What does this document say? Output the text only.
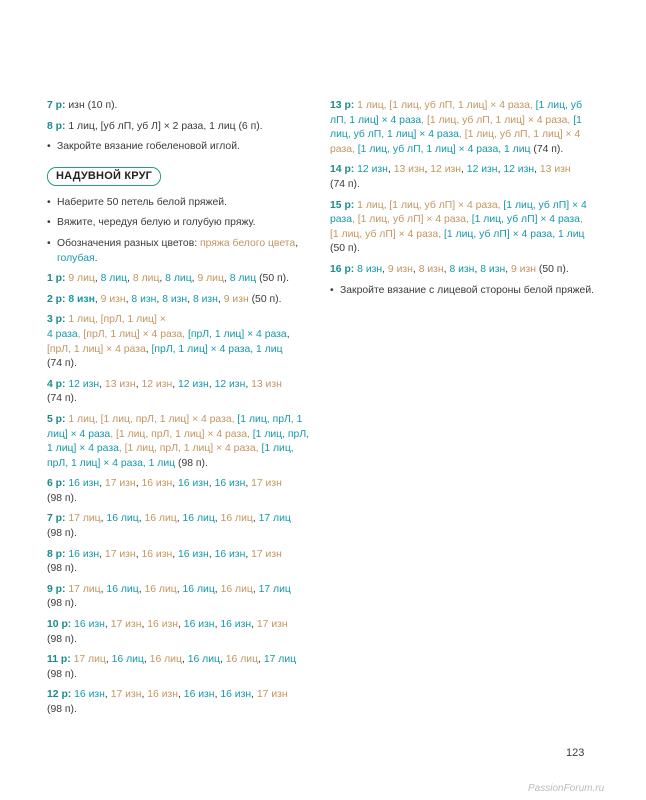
7 р: изн (10 п).

8 р: 1 лиц, [уб лП, уб Л] × 2 раза, 1 лиц (6 п).

• Закройте вязание гобеленовой иглой.

НАДУВНОЙ КРУГ

• Наберите 50 петель белой пряжей.

• Вяжите, чередуя белую и голубую пряжу.

• Обозначения разных цветов: пряжа белого цвета, голубая.

1 р: 9 лиц, 8 лиц, 8 лиц, 8 лиц, 9 лиц, 8 лиц (50 п).

2 р: 8 изн, 9 изн, 8 изн, 8 изн, 8 изн, 9 изн (50 п).

3 р: 1 лиц, [прЛ, 1 лиц] ×
4 раза, [прЛ, 1 лиц] × 4 раза, [прЛ, 1 лиц] × 4 раза,
[прЛ, 1 лиц] × 4 раза, [прЛ, 1 лиц] × 4 раза, 1 лиц
(74 п).

4 р: 12 изн, 13 изн, 12 изн, 12 изн, 12 изн, 13 изн
(74 п).

5 р: 1 лиц, [1 лиц, прЛ, 1 лиц] × 4 раза, [1 лиц, прЛ, 1 лиц] × 4 раза, [1 лиц, прЛ, 1 лиц] × 4 раза, [1 лиц, прЛ, 1 лиц] × 4 раза, [1 лиц, прЛ, 1 лиц] × 4 раза, [1 лиц, прЛ, 1 лиц] × 4 раза, 1 лиц (98 п).

6 р: 16 изн, 17 изн, 16 изн, 16 изн, 16 изн, 17 изн
(98 п).

7 р: 17 лиц, 16 лиц, 16 лиц, 16 лиц, 16 лиц, 17 лиц
(98 п).

8 р: 16 изн, 17 изн, 16 изн, 16 изн, 16 изн, 17 изн
(98 п).

9 р: 17 лиц, 16 лиц, 16 лиц, 16 лиц, 16 лиц, 17 лиц
(98 п).

10 р: 16 изн, 17 изн, 16 изн, 16 изн, 16 изн, 17 изн
(98 п).

11 р: 17 лиц, 16 лиц, 16 лиц, 16 лиц, 16 лиц, 17 лиц
(98 п).

12 р: 16 изн, 17 изн, 16 изн, 16 изн, 16 изн, 17 изн
(98 п).

13 р: 1 лиц, [1 лиц, уб лП, 1 лиц] × 4 раза, [1 лиц, уб лП, 1 лиц] × 4 раза, [1 лиц, уб лП, 1 лиц] × 4 раза, [1 лиц, уб лП, 1 лиц] × 4 раза, [1 лиц, уб лП, 1 лиц] × 4 раза, [1 лиц, уб лП, 1 лиц] × 4 раза, 1 лиц (74 п).

14 р: 12 изн, 13 изн, 12 изн, 12 изн, 12 изн, 13 изн
(74 п).

15 р: 1 лиц, [1 лиц, уб лП] × 4 раза, [1 лиц, уб лП] × 4 раза, [1 лиц, уб лП] × 4 раза, [1 лиц, уб лП] × 4 раза, [1 лиц, уб лП] × 4 раза, [1 лиц, уб лП] × 4 раза, 1 лиц (50 п).

16 р: 8 изн, 9 изн, 8 изн, 8 изн, 8 изн, 9 изн (50 п).

• Закройте вязание с лицевой стороны белой пряжей.

123
PassionForum.ru
